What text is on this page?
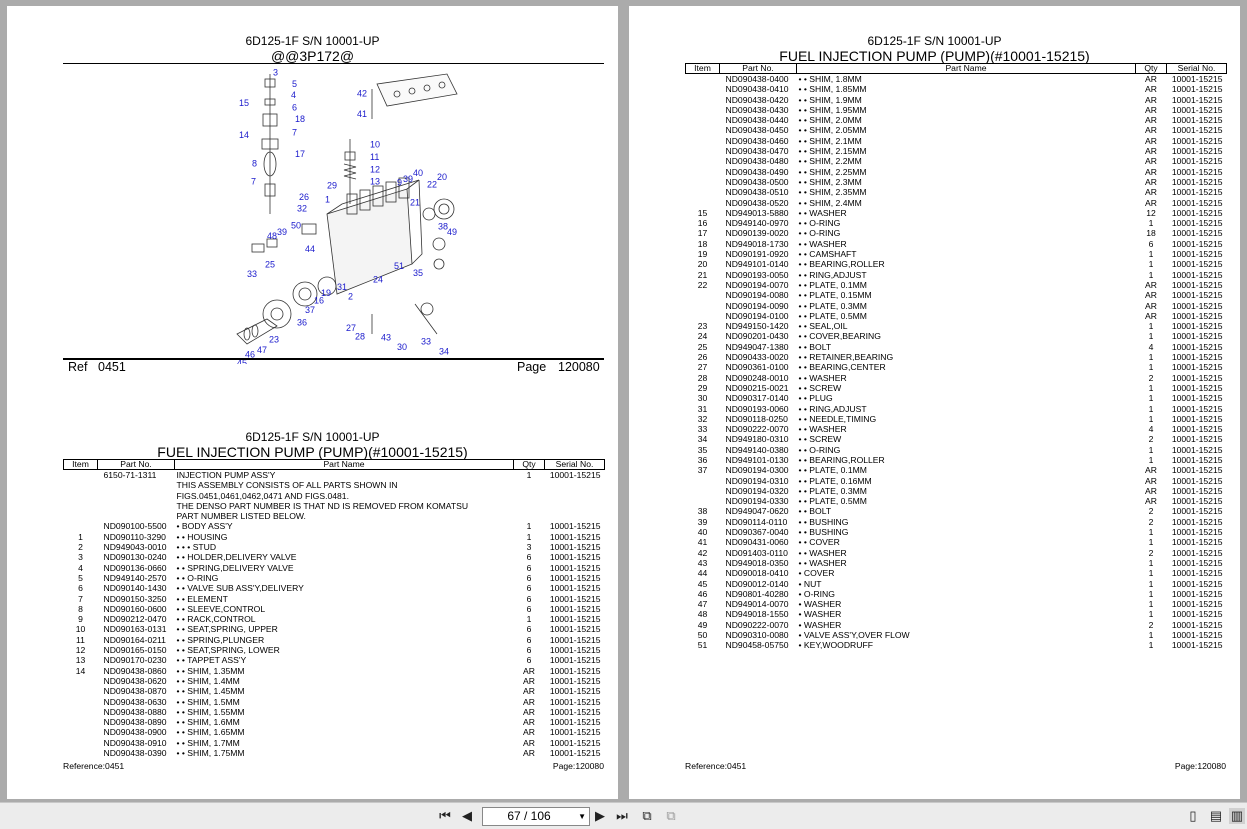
6D125-1F S/N 10001-UP
@@3P172@
3
5
4
6
15
18
7
14
17
8
7
42
41
10
11
12
13
29
1
39
40
9
21
22
20
26
32
38
49
50
39
48
44
51
35
33
25
24
2
19
31
16
37
36
27
28 43
30
33
34
23
47
46
45
Ref 0451	Page 120080
6D125-1F S/N 10001-UP
FUEL INJECTION PUMP (PUMP)(#10001-15215)
Item	Part No.	Part Name	Qty	Serial No.
	6150-71-1311	INJECTION PUMP ASS'Y	1	10001-15215
		THIS ASSEMBLY CONSISTS OF ALL PARTS SHOWN IN		
		FIGS.0451,0461,0462,0471 AND FIGS.0481.		
		THE DENSO PART NUMBER IS THAT ND IS REMOVED FROM KOMATSU		
		PART NUMBER LISTED BELOW.		
	ND090100-5500	• BODY ASS'Y	1	10001-15215
1	ND090110-3290	• • HOUSING	1	10001-15215
2	ND949043-0010	• • • STUD	3	10001-15215
3	ND090130-0240	• • HOLDER,DELIVERY VALVE	6	10001-15215
4	ND090136-0660	• • SPRING,DELIVERY VALVE	6	10001-15215
5	ND949140-2570	• • O-RING	6	10001-15215
6	ND090140-1430	• • VALVE SUB ASS'Y,DELIVERY	6	10001-15215
7	ND090150-3250	• • ELEMENT	6	10001-15215
8	ND090160-0600	• • SLEEVE,CONTROL	6	10001-15215
9	ND090212-0470	• • RACK,CONTROL	1	10001-15215
10	ND090163-0131	• • SEAT,SPRING, UPPER	6	10001-15215
11	ND090164-0211	• • SPRING,PLUNGER	6	10001-15215
12	ND090165-0150	• • SEAT,SPRING, LOWER	6	10001-15215
13	ND090170-0230	• • TAPPET ASS'Y	6	10001-15215
14	ND090438-0860	• • SHIM, 1.35MM	AR	10001-15215
	ND090438-0620	• • SHIM, 1.4MM	AR	10001-15215
	ND090438-0870	• • SHIM, 1.45MM	AR	10001-15215
	ND090438-0630	• • SHIM, 1.5MM	AR	10001-15215
	ND090438-0880	• • SHIM, 1.55MM	AR	10001-15215
	ND090438-0890	• • SHIM, 1.6MM	AR	10001-15215
	ND090438-0900	• • SHIM, 1.65MM	AR	10001-15215
	ND090438-0910	• • SHIM, 1.7MM	AR	10001-15215
	ND090438-0390	• • SHIM, 1.75MM	AR	10001-15215
Reference:0451	Page:120080
6D125-1F S/N 10001-UP
FUEL INJECTION PUMP (PUMP)(#10001-15215)
Item	Part No.	Part Name	Qty	Serial No.
	ND090438-0400	• • SHIM, 1.8MM	AR	10001-15215
	ND090438-0410	• • SHIM, 1.85MM	AR	10001-15215
	ND090438-0420	• • SHIM, 1.9MM	AR	10001-15215
	ND090438-0430	• • SHIM, 1.95MM	AR	10001-15215
	ND090438-0440	• • SHIM, 2.0MM	AR	10001-15215
	ND090438-0450	• • SHIM, 2.05MM	AR	10001-15215
	ND090438-0460	• • SHIM, 2.1MM	AR	10001-15215
	ND090438-0470	• • SHIM, 2.15MM	AR	10001-15215
	ND090438-0480	• • SHIM, 2.2MM	AR	10001-15215
	ND090438-0490	• • SHIM, 2.25MM	AR	10001-15215
	ND090438-0500	• • SHIM, 2.3MM	AR	10001-15215
	ND090438-0510	• • SHIM, 2.35MM	AR	10001-15215
	ND090438-0520	• • SHIM, 2.4MM	AR	10001-15215
15	ND949013-5880	• • WASHER	12	10001-15215
16	ND949140-0970	• • O-RING	1	10001-15215
17	ND090139-0020	• • O-RING	18	10001-15215
18	ND949018-1730	• • WASHER	6	10001-15215
19	ND090191-0920	• • CAMSHAFT	1	10001-15215
20	ND949101-0140	• • BEARING,ROLLER	1	10001-15215
21	ND090193-0050	• • RING,ADJUST	1	10001-15215
22	ND090194-0070	• • PLATE, 0.1MM	AR	10001-15215
	ND090194-0080	• • PLATE, 0.15MM	AR	10001-15215
	ND090194-0090	• • PLATE, 0.3MM	AR	10001-15215
	ND090194-0100	• • PLATE, 0.5MM	AR	10001-15215
23	ND949150-1420	• • SEAL,OIL	1	10001-15215
24	ND090201-0430	• • COVER,BEARING	1	10001-15215
25	ND949047-1380	• • BOLT	4	10001-15215
26	ND090433-0020	• • RETAINER,BEARING	1	10001-15215
27	ND090361-0100	• • BEARING,CENTER	1	10001-15215
28	ND090248-0010	• • WASHER	2	10001-15215
29	ND090215-0021	• • SCREW	1	10001-15215
30	ND090317-0140	• • PLUG	1	10001-15215
31	ND090193-0060	• • RING,ADJUST	1	10001-15215
32	ND090118-0250	• • NEEDLE,TIMING	1	10001-15215
33	ND090222-0070	• • WASHER	4	10001-15215
34	ND949180-0310	• • SCREW	2	10001-15215
35	ND949140-0380	• • O-RING	1	10001-15215
36	ND949101-0130	• • BEARING,ROLLER	1	10001-15215
37	ND090194-0300	• • PLATE, 0.1MM	AR	10001-15215
	ND090194-0310	• • PLATE, 0.16MM	AR	10001-15215
	ND090194-0320	• • PLATE, 0.3MM	AR	10001-15215
	ND090194-0330	• • PLATE, 0.5MM	AR	10001-15215
38	ND949047-0620	• • BOLT	2	10001-15215
39	ND090114-0110	• • BUSHING	2	10001-15215
40	ND090367-0040	• • BUSHING	1	10001-15215
41	ND090431-0060	• • COVER	1	10001-15215
42	ND091403-0110	• • WASHER	2	10001-15215
43	ND949018-0350	• • WASHER	1	10001-15215
44	ND090018-0410	• COVER	1	10001-15215
45	ND090012-0140	• NUT	1	10001-15215
46	ND90801-40280	• O-RING	1	10001-15215
47	ND949014-0070	• WASHER	1	10001-15215
48	ND949018-1550	• WASHER	1	10001-15215
49	ND090222-0070	• WASHER	2	10001-15215
50	ND090310-0080	• VALVE ASS'Y,OVER FLOW	1	10001-15215
51	ND90458-05750	• KEY,WOODRUFF	1	10001-15215
Reference:0451	Page:120080
⏮ ◀	67 / 106	▼ ▶ ⏭ ⧉ ⧉	▯	▤ ▥
